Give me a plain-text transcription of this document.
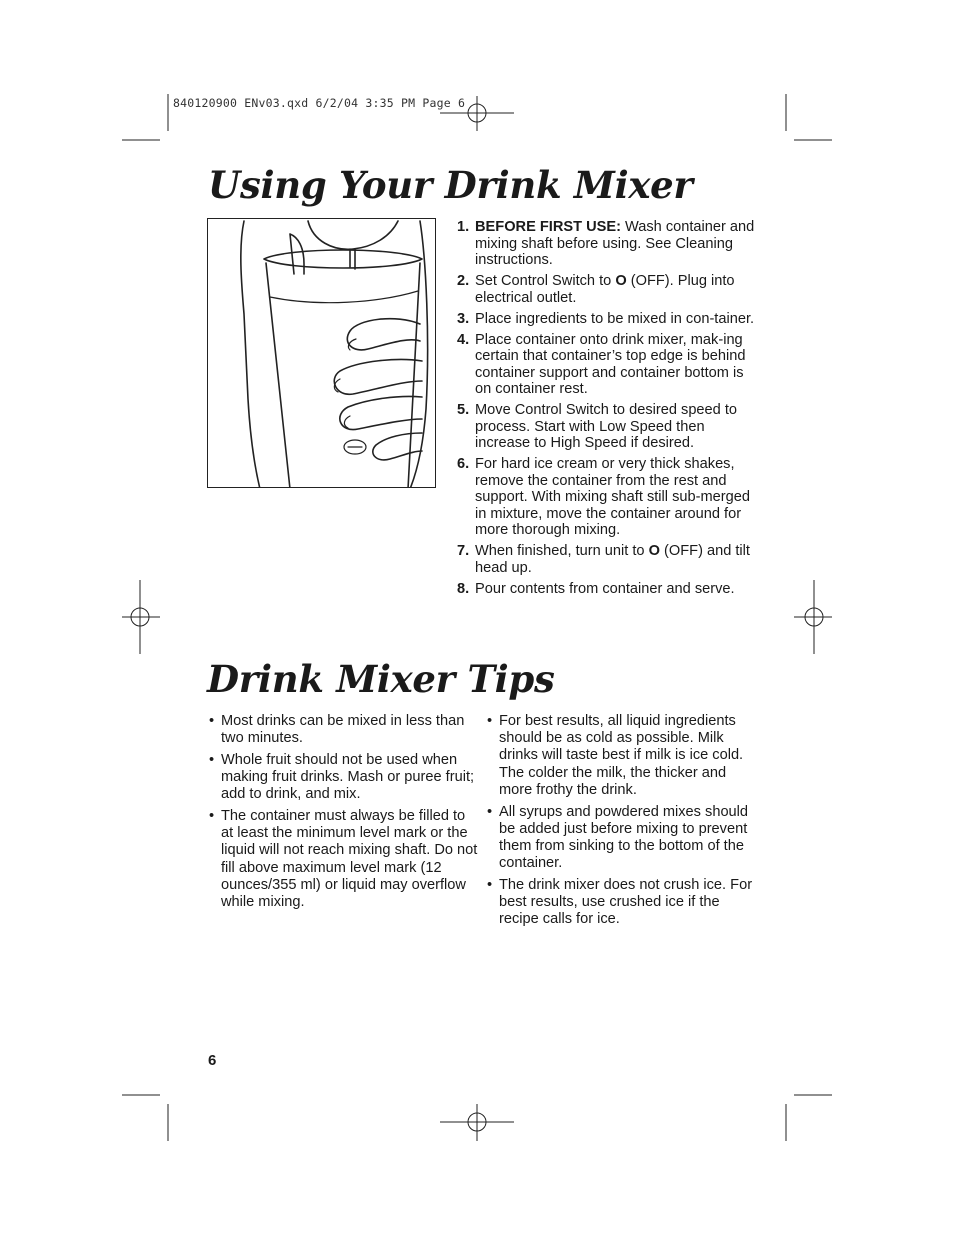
840120900 ENv03.qxd 6/2/04 3:35 PM Page 6
Using Your Drink Mixer
1. BEFORE FIRST USE: Wash container and mixing shaft before using. See Cleaning instructions.
2. Set Control Switch to O (OFF). Plug into electrical outlet.
3. Place ingredients to be mixed in con-tainer.
4. Place container onto drink mixer, mak-ing certain that container’s top edge is behind container support and container bottom is on container rest.
5. Move Control Switch to desired speed to process. Start with Low Speed then increase to High Speed if desired.
6. For hard ice cream or very thick shakes, remove the container from the rest and support. With mixing shaft still sub-merged in mixture, move the container around for more thorough mixing.
7. When finished, turn unit to O (OFF) and tilt head up.
8. Pour contents from container and serve.
Drink Mixer Tips
• Most drinks can be mixed in less than two minutes.
• Whole fruit should not be used when making fruit drinks. Mash or puree fruit; add to drink, and mix.
• The container must always be filled to at least the minimum level mark or the liquid will not reach mixing shaft. Do not fill above maximum level mark (12 ounces/355 ml) or liquid may overflow while mixing.
• For best results, all liquid ingredients should be as cold as possible. Milk drinks will taste best if milk is ice cold. The colder the milk, the thicker and more frothy the drink.
• All syrups and powdered mixes should be added just before mixing to prevent them from sinking to the bottom of the container.
• The drink mixer does not crush ice. For best results, use crushed ice if the recipe calls for ice.
6
